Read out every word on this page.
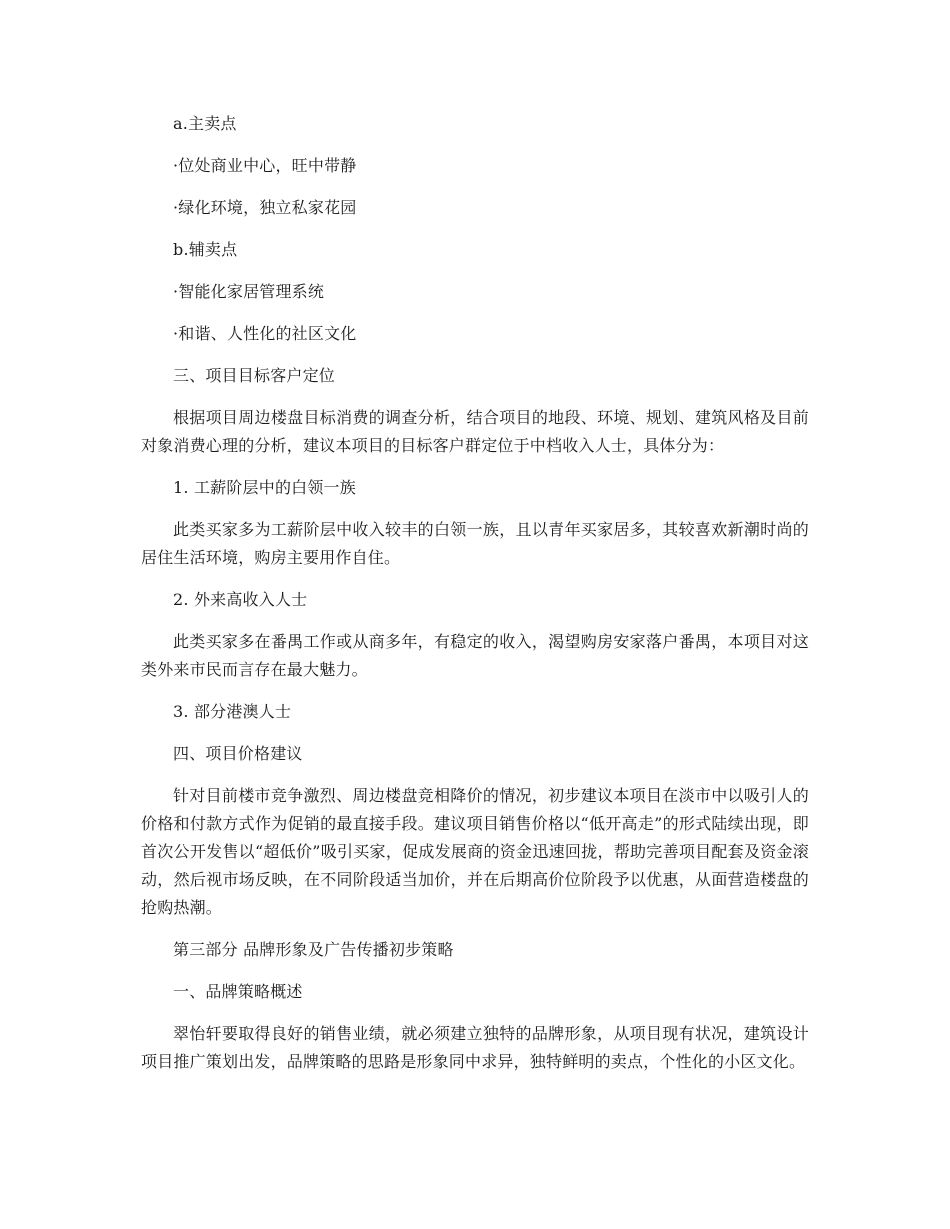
a.主卖点

·位处商业中心，旺中带静

·绿化环境，独立私家花园

b.辅卖点

·智能化家居管理系统

·和谐、人性化的社区文化

三、项目目标客户定位

根据项目周边楼盘目标消费的调查分析，结合项目的地段、环境、规划、建筑风格及目前对象消费心理的分析，建议本项目的目标客户群定位于中档收入人士，具体分为：

1. 工薪阶层中的白领一族

此类买家多为工薪阶层中收入较丰的白领一族，且以青年买家居多，其较喜欢新潮时尚的居住生活环境，购房主要用作自住。

2. 外来高收入人士

此类买家多在番禺工作或从商多年，有稳定的收入，渴望购房安家落户番禺，本项目对这类外来市民而言存在最大魅力。

3. 部分港澳人士

四、项目价格建议

针对目前楼市竞争激烈、周边楼盘竞相降价的情况，初步建议本项目在淡市中以吸引人的价格和付款方式作为促销的最直接手段。建议项目销售价格以“低开高走”的形式陆续出现，即首次公开发售以“超低价”吸引买家，促成发展商的资金迅速回拢，帮助完善项目配套及资金滚动，然后视市场反映，在不同阶段适当加价，并在后期高价位阶段予以优惠，从面营造楼盘的抢购热潮。

第三部分 品牌形象及广告传播初步策略

一、品牌策略概述

翠怡轩要取得良好的销售业绩，就必须建立独特的品牌形象，从项目现有状况，建筑设计项目推广策划出发，品牌策略的思路是形象同中求异，独特鲜明的卖点，个性化的小区文化。
